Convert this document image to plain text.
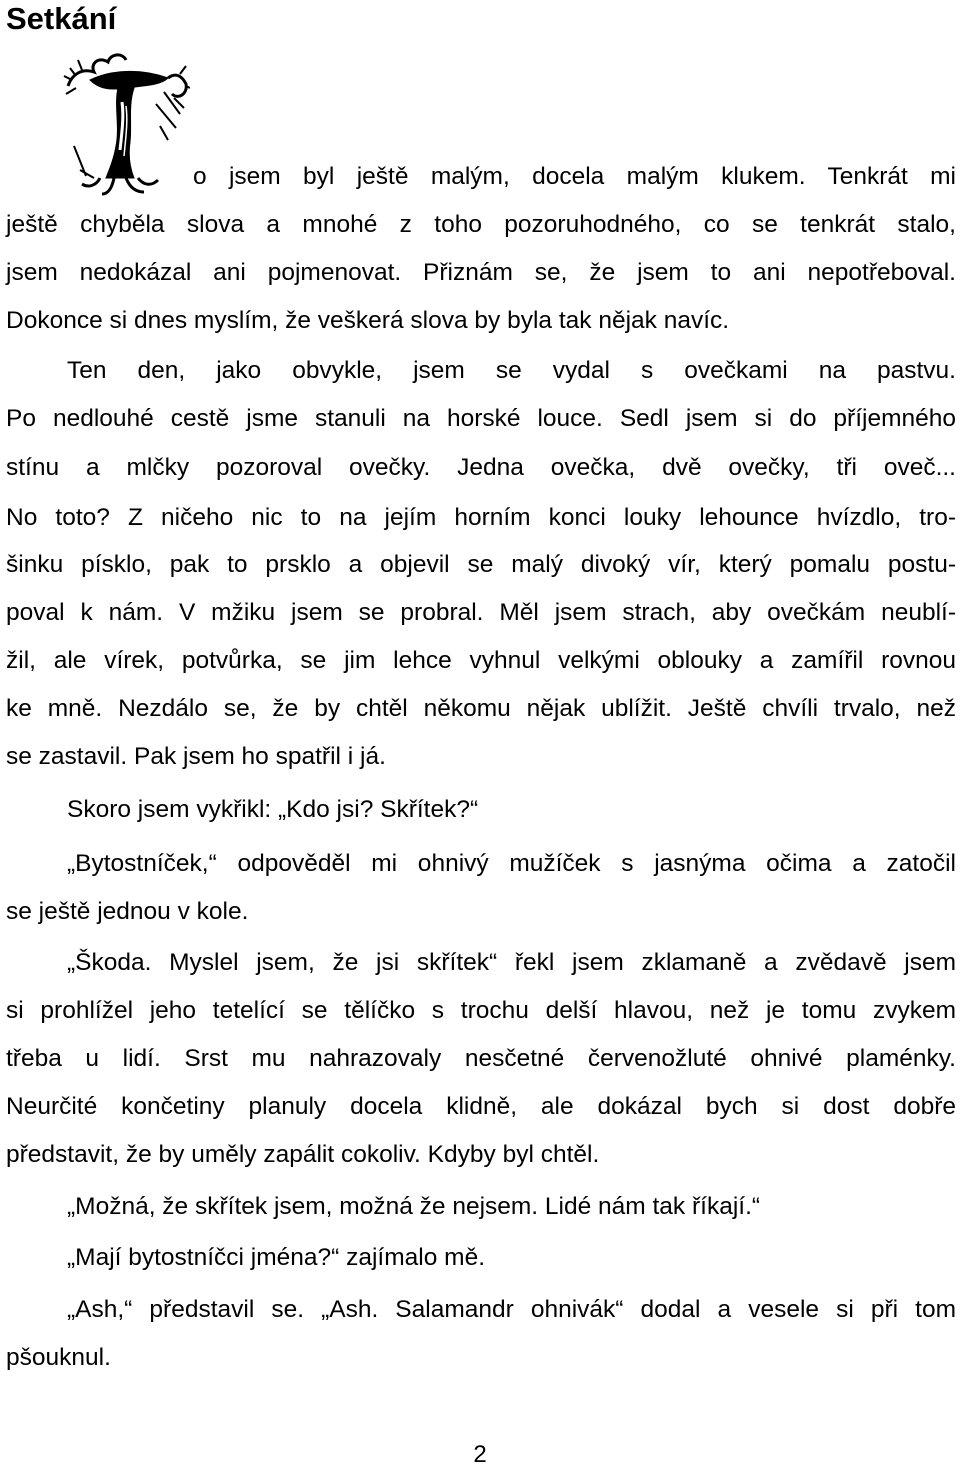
Setkání

o jsem byl ještě malým, docela malým klukem. Tenkrát mi

ještě chyběla slova a mnohé z toho pozoruhodného, co se tenkrát stalo,

jsem nedokázal ani pojmenovat. Přiznám se, že jsem to ani nepotřeboval.

Dokonce si dnes myslím, že veškerá slova by byla tak nějak navíc.

Ten den, jako obvykle, jsem se vydal s ovečkami na pastvu.

Po nedlouhé cestě jsme stanuli na horské louce. Sedl jsem si do příjemného

stínu a mlčky pozoroval ovečky. Jedna ovečka, dvě ovečky, tři oveč...

No toto? Z ničeho nic to na jejím horním konci louky lehounce hvízdlo, tro-

šinku písklo, pak to prsklo a objevil se malý divoký vír, který pomalu postu-

poval k nám. V mžiku jsem se probral. Měl jsem strach, aby ovečkám neublí-

žil, ale vírek, potvůrka, se jim lehce vyhnul velkými oblouky a zamířil rovnou

ke mně. Nezdálo se, že by chtěl někomu nějak ublížit. Ještě chvíli trvalo, než

se zastavil. Pak jsem ho spatřil i já.

Skoro jsem vykřikl: „Kdo jsi? Skřítek?“

„Bytostníček,“ odpověděl mi ohnivý mužíček s jasnýma očima a zatočil

se ještě jednou v kole.

„Škoda. Myslel jsem, že jsi skřítek“ řekl jsem zklamaně a zvědavě jsem

si prohlížel jeho tetelící se tělíčko s trochu delší hlavou, než je tomu zvykem

třeba u lidí. Srst mu nahrazovaly nesčetné červenožluté ohnivé plaménky.

Neurčité končetiny planuly docela klidně, ale dokázal bych si dost dobře

představit, že by uměly zapálit cokoliv. Kdyby byl chtěl.

„Možná, že skřítek jsem, možná že nejsem. Lidé nám tak říkají.“

„Mají bytostníčci jména?“ zajímalo mě.

„Ash,“ představil se. „Ash. Salamandr ohnivák“ dodal a vesele si při tom

pšouknul.

2
